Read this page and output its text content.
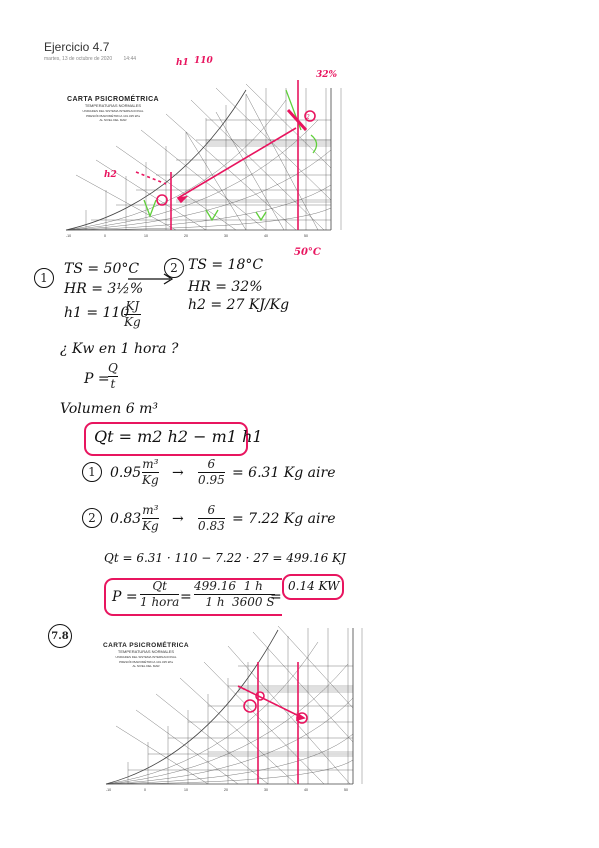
Ejercicio 4.7
martes, 13 de octubre de 2020 14:44
-10	0	10	20	30	40	50
2
CARTA PSICROMÉTRICA
TEMPERATURAS NORMALES
UNIDADES DEL SISTEMA INTERNACIONAL
PRESIÓN BAROMÉTRICA 101.325 kPa
AL NIVEL DEL MAR
h1 110
h2
32%
50°C
1
TS = 50°C
HR = 3½%
h1 = 110
KJ
Kg
2 TS = 18°C
HR = 32%
h2 = 27 KJ/Kg
¿ Kw en 1 hora ?
P =
Q
t
Volumen 6 m³
Qt = m2 h2 − m1 h1
1	0.95
m³
Kg →
6
0.95 = 6.31 Kg aire
2	0.83
m³
Kg →
6
0.83 = 7.22 Kg aire
Qt = 6.31 · 110 − 7.22 · 27 = 499.16 KJ
P =
Qt
1 hora =
499.16
1 h
1 h
3600 S
=
0.14 KW
7.8
-10	0	10	20	30	40	50
CARTA PSICROMÉTRICA
TEMPERATURAS NORMALES
UNIDADES DEL SISTEMA INTERNACIONAL
PRESIÓN BAROMÉTRICA 101.325 kPa
AL NIVEL DEL MAR
